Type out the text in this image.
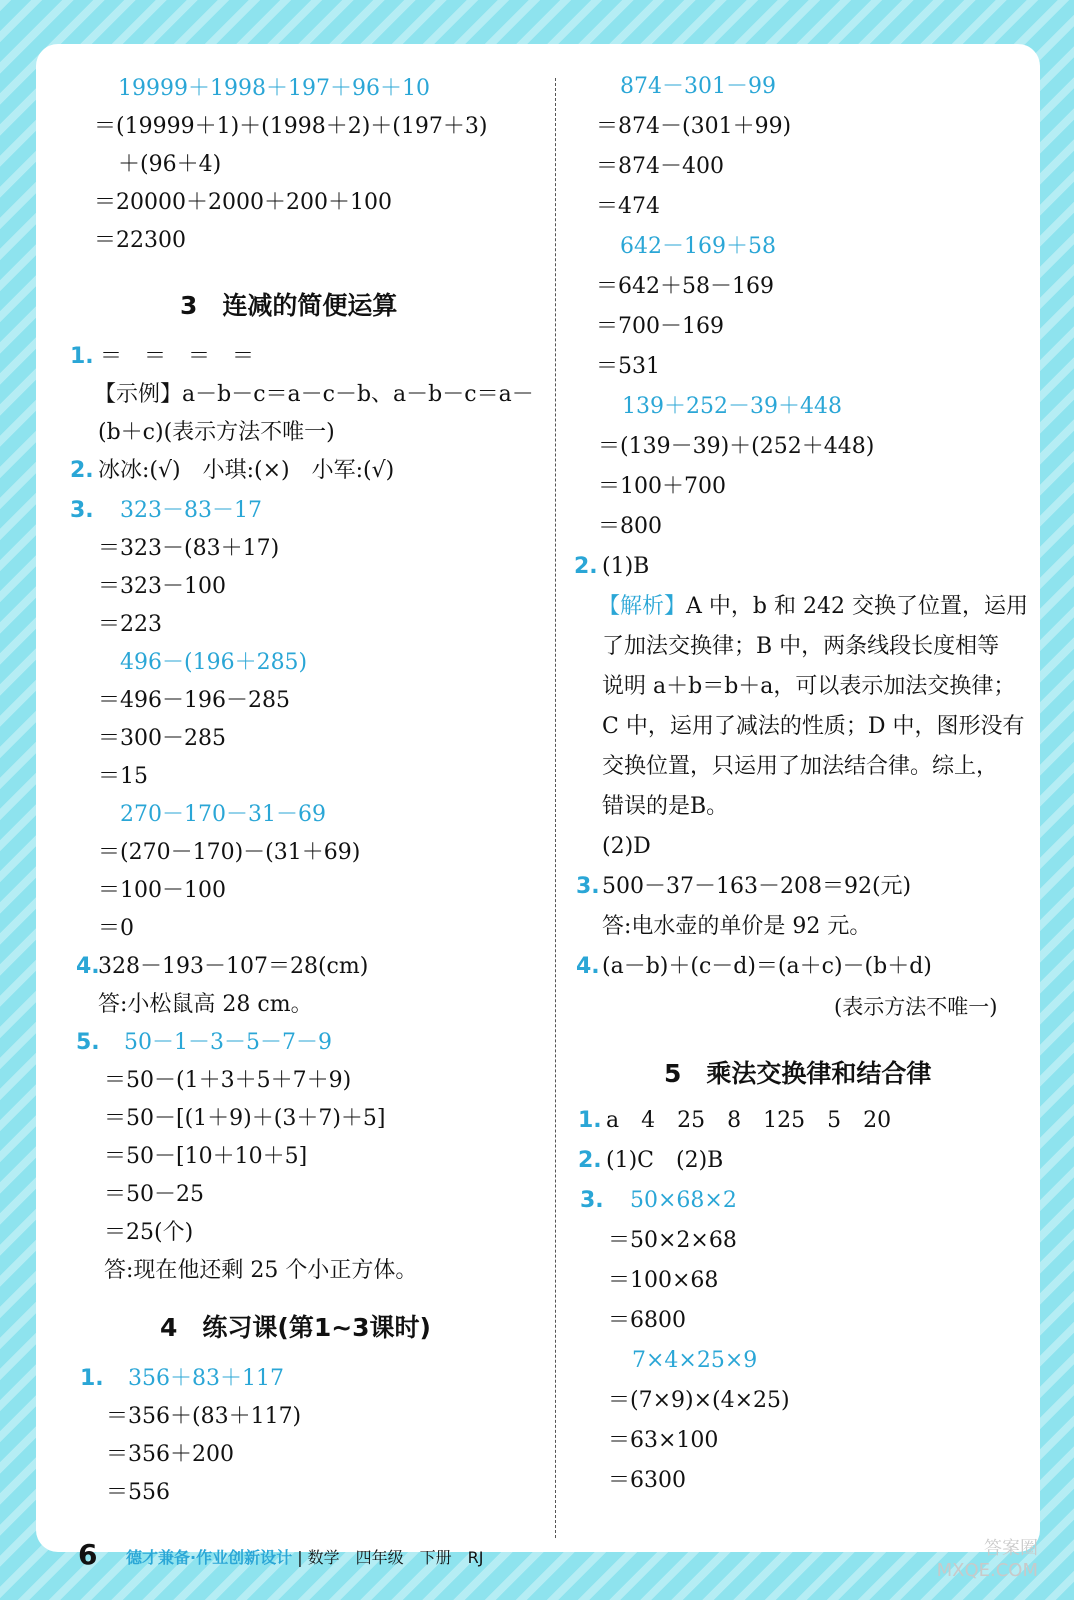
19999＋1998＋197＋96＋10
＝(19999＋1)＋(1998＋2)＋(197＋3)
＋(96＋4)
＝20000＋2000＋200＋100
＝22300
3　连减的简便运算
1. ＝　＝　＝　＝
【示例】a－b－c＝a－c－b、a－b－c＝a－
(b＋c)(表示方法不唯一)
2. 冰冰:(√)　小琪:(×)　小军:(√)
3. 323－83－17
＝323－(83＋17)
＝323－100
＝223
496－(196＋285)
＝496－196－285
＝300－285
＝15
270－170－31－69
＝(270－170)－(31＋69)
＝100－100
＝0
4.
328－193－107＝28(cm)
答:小松鼠高 28 cm。
5. 50－1－3－5－7－9
＝50－(1＋3＋5＋7＋9)
＝50－[(1＋9)＋(3＋7)＋5]
＝50－[10＋10＋5]
＝50－25
＝25(个)
答:现在他还剩 25 个小正方体。
4　练习课(第1~3课时)
1. 356＋83＋117
＝356＋(83＋117)
＝356＋200
＝556
874－301－99
＝874－(301＋99)
＝874－400
＝474
642－169＋58
＝642＋58－169
＝700－169
＝531
139＋252－39＋448
＝(139－39)＋(252＋448)
＝100＋700
＝800
2. (1)B
【解析】A 中，b 和 242 交换了位置，运用
了加法交换律；B 中，两条线段长度相等
说明 a＋b＝b＋a，可以表示加法交换律；
C 中，运用了减法的性质；D 中，图形没有
交换位置，只运用了加法结合律。综上，
错误的是B。
(2)D
3. 500－37－163－208＝92(元)
答:电水壶的单价是 92 元。
4. (a－b)＋(c－d)＝(a＋c)－(b＋d)
(表示方法不唯一)
5　乘法交换律和结合律
1. a　4　25　8　125　5　20
2. (1)C　(2)B
3. 50×68×2
＝50×2×68
＝100×68
＝6800
7×4×25×9
＝(7×9)×(4×25)
＝63×100
＝6300
6 德才兼备·作业创新设计 | 数学　四年级　下册　RJ	答案圈
MXQE.COM
